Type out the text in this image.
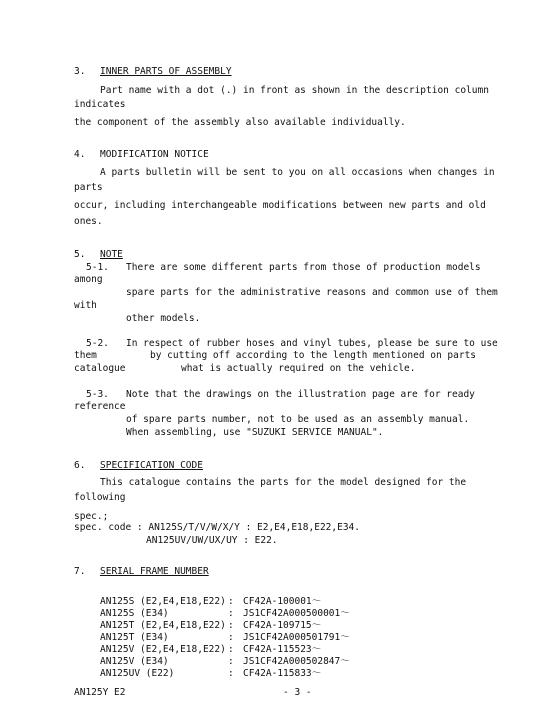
3. INNER PARTS OF ASSEMBLY
Part name with a dot (.) in front as shown in the description column
indicates
the component of the assembly also available individually.
4. MODIFICATION NOTICE
A parts bulletin will be sent to you on all occasions when changes in
parts
occur, including interchangeable modifications between new parts and old
ones.
5. NOTE
5-1. There are some different parts from those of production models
among
spare parts for the administrative reasons and common use of them
with
other models.
5-2. In respect of rubber hoses and vinyl tubes, please be sure to use
them	by cutting off according to the length mentioned on parts
catalogue	what is actually required on the vehicle.
5-3. Note that the drawings on the illustration page are for ready
reference
of spare parts number, not to be used as an assembly manual.
When assembling, use "SUZUKI SERVICE MANUAL".
6. SPECIFICATION CODE
This catalogue contains the parts for the model designed for the
following
spec.;
spec. code : AN125S/T/V/W/X/Y : E2,E4,E18,E22,E34.
AN125UV/UW/UX/UY : E22.
7. SERIAL FRAME NUMBER
AN125S (E2,E4,E18,E22) : CF42A-100001～
AN125S (E34)	: JS1CF42A000500001～
AN125T (E2,E4,E18,E22) : CF42A-109715～
AN125T (E34)	: JS1CF42A000501791～
AN125V (E2,E4,E18,E22) : CF42A-115523～
AN125V (E34)	: JS1CF42A000502847～
AN125UV (E22)	: CF42A-115833～
AN125Y E2	- 3 -
